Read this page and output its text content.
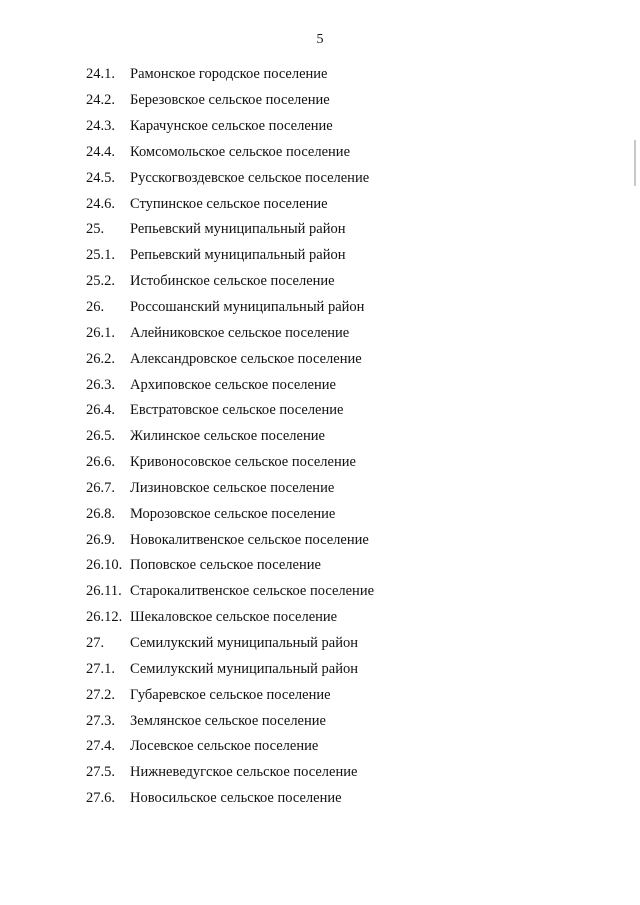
5
24.1.	Рамонское городское поселение
24.2.	Березовское сельское поселение
24.3.	Карачунское сельское поселение
24.4.	Комсомольское сельское поселение
24.5.	Русскогвоздевское сельское поселение
24.6.	Ступинское сельское поселение
25.	Репьевский муниципальный район
25.1.	Репьевский муниципальный район
25.2.	Истобинское сельское поселение
26.	Россошанский муниципальный район
26.1.	Алейниковское сельское поселение
26.2.	Александровское сельское поселение
26.3.	Архиповское сельское поселение
26.4.	Евстратовское сельское поселение
26.5.	Жилинское сельское поселение
26.6.	Кривоносовское сельское поселение
26.7.	Лизиновское сельское поселение
26.8.	Морозовское сельское поселение
26.9.	Новокалитвенское сельское поселение
26.10. Поповское сельское поселение
26.11. Старокалитвенское сельское поселение
26.12. Шекаловское сельское поселение
27.	Семилукский муниципальный район
27.1.	Семилукский муниципальный район
27.2.	Губаревское сельское поселение
27.3.	Землянское сельское поселение
27.4.	Лосевское сельское поселение
27.5.	Нижневедугское сельское поселение
27.6.	Новосильское сельское поселение
